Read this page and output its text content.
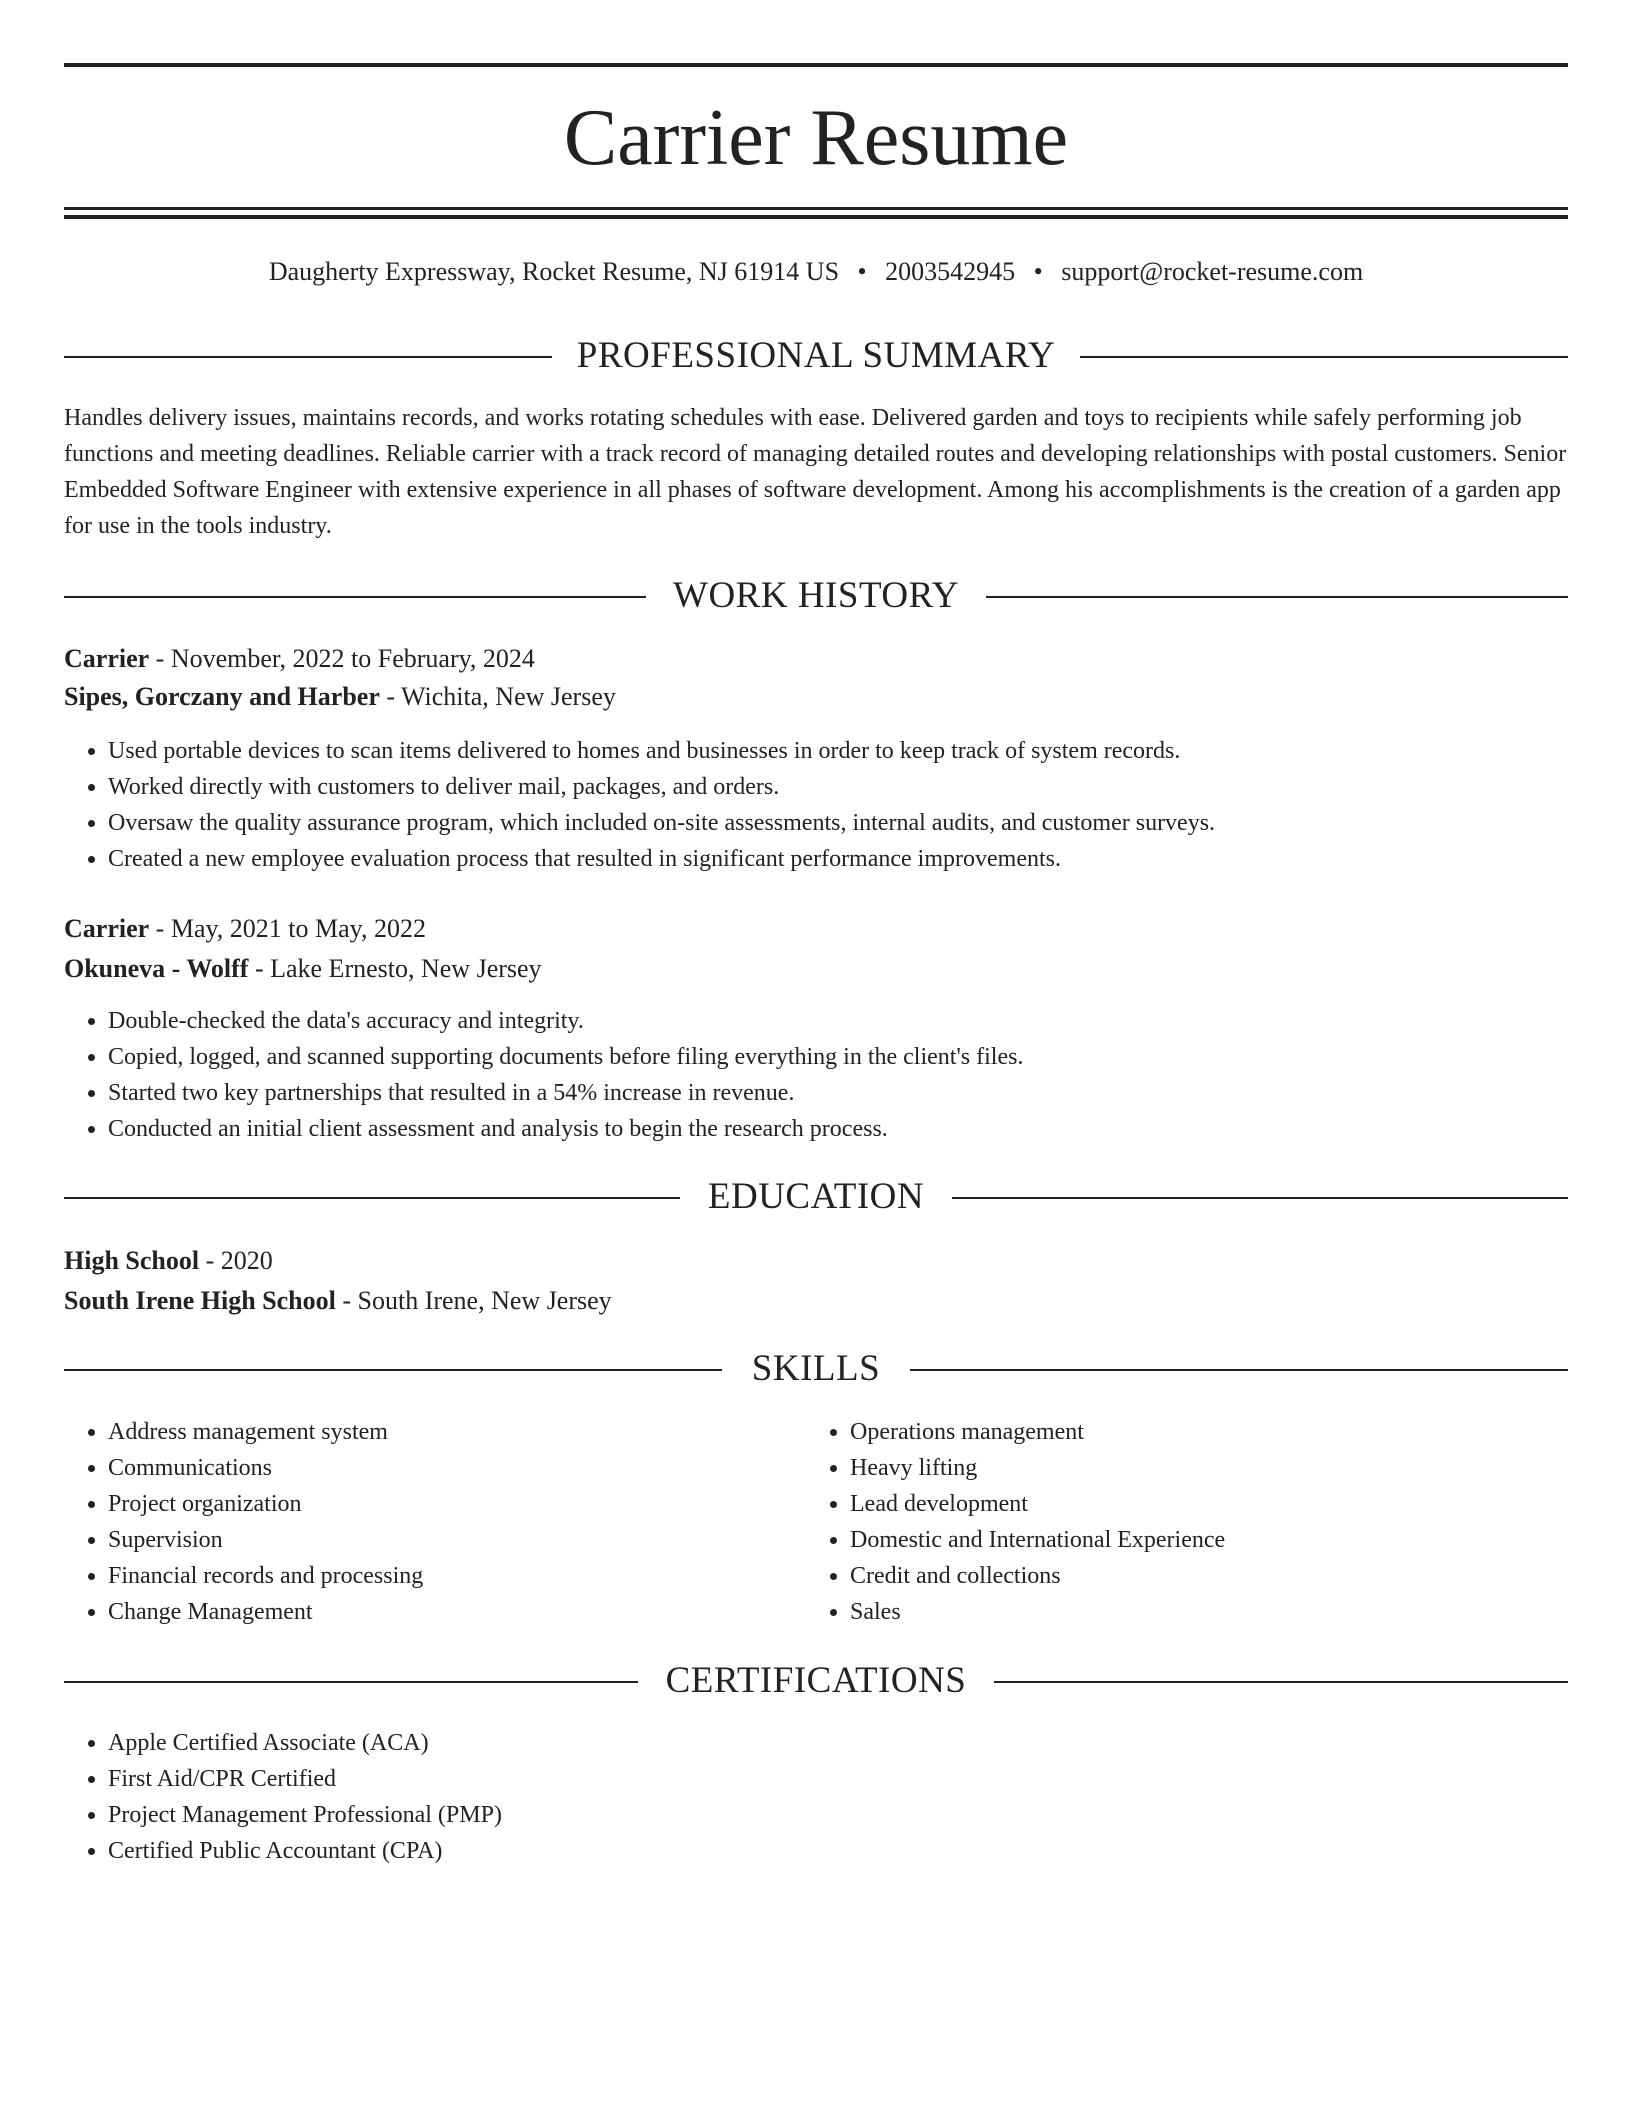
Carrier Resume
Daugherty Expressway, Rocket Resume, NJ 61914 US • 2003542945 • support@rocket-resume.com
PROFESSIONAL SUMMARY
Handles delivery issues, maintains records, and works rotating schedules with ease. Delivered garden and toys to recipients while safely performing job functions and meeting deadlines. Reliable carrier with a track record of managing detailed routes and developing relationships with postal customers. Senior Embedded Software Engineer with extensive experience in all phases of software development. Among his accomplishments is the creation of a garden app for use in the tools industry.
WORK HISTORY
Carrier - November, 2022 to February, 2024
Sipes, Gorczany and Harber - Wichita, New Jersey
• Used portable devices to scan items delivered to homes and businesses in order to keep track of system records.
• Worked directly with customers to deliver mail, packages, and orders.
• Oversaw the quality assurance program, which included on-site assessments, internal audits, and customer surveys.
• Created a new employee evaluation process that resulted in significant performance improvements.
Carrier - May, 2021 to May, 2022
Okuneva - Wolff - Lake Ernesto, New Jersey
• Double-checked the data's accuracy and integrity.
• Copied, logged, and scanned supporting documents before filing everything in the client's files.
• Started two key partnerships that resulted in a 54% increase in revenue.
• Conducted an initial client assessment and analysis to begin the research process.
EDUCATION
High School - 2020
South Irene High School - South Irene, New Jersey
SKILLS
• Address management system
• Communications
• Project organization
• Supervision
• Financial records and processing
• Change Management
• Operations management
• Heavy lifting
• Lead development
• Domestic and International Experience
• Credit and collections
• Sales
CERTIFICATIONS
• Apple Certified Associate (ACA)
• First Aid/CPR Certified
• Project Management Professional (PMP)
• Certified Public Accountant (CPA)
